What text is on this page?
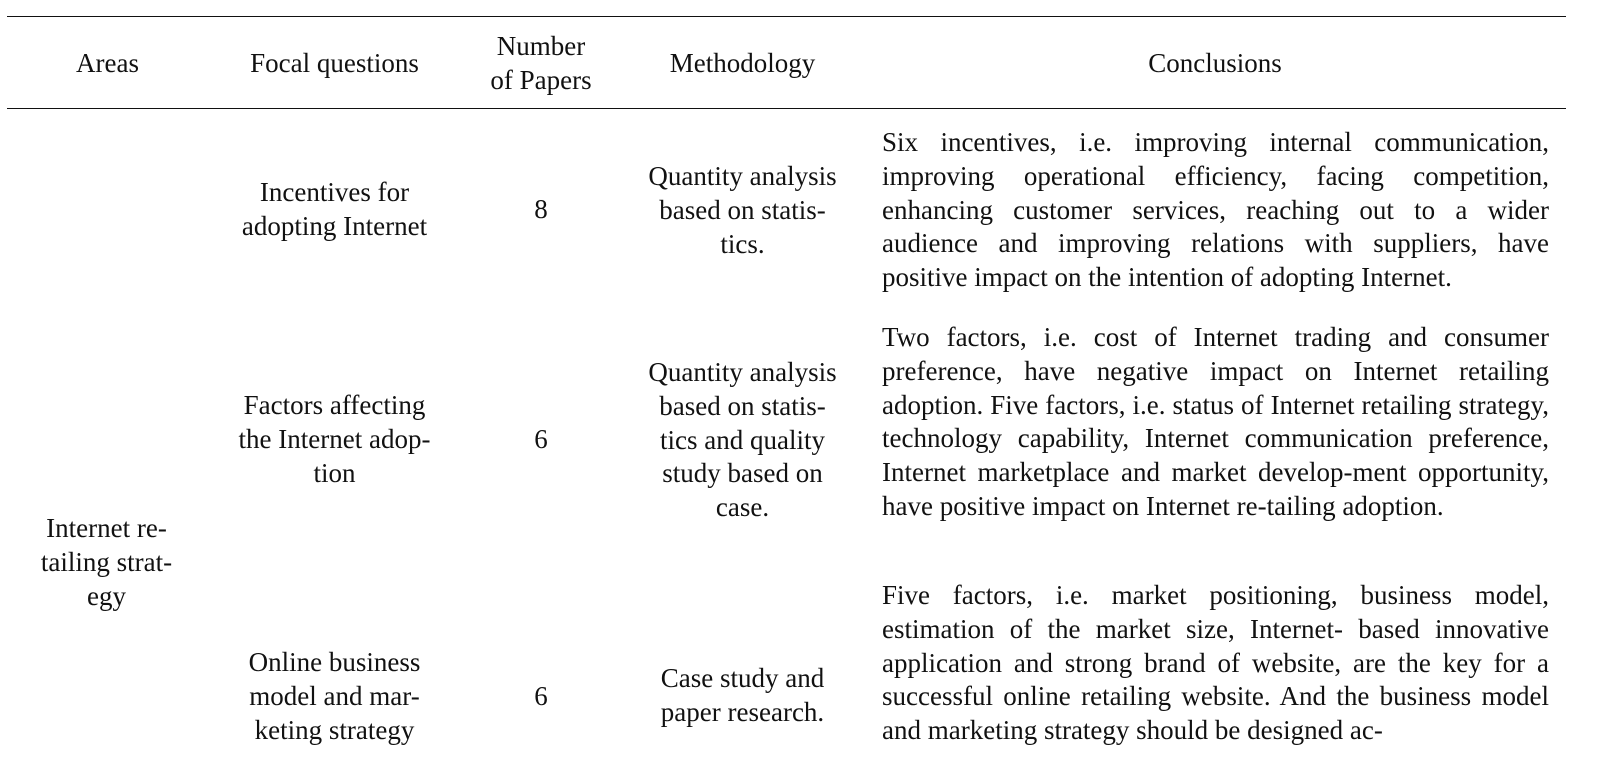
Areas	Focal questions
Number
of Papers
Methodology	Conclusions
Internet re-
tailing strat-
egy
Incentives for
adopting Internet
8
Quantity analysis
based on statis-
tics.
Six incentives, i.e. improving internal communication, improving operational efficiency, facing competition, enhancing customer services, reaching out to a wider audience and improving relations with suppliers, have positive impact on the intention of adopting Internet.
Factors affecting
the Internet adop-
tion
6
Quantity analysis
based on statis-
tics and quality
study based on
case.
Two factors, i.e. cost of Internet trading and consumer preference, have negative impact on Internet retailing adoption. Five factors, i.e. status of Internet retailing strategy, technology capability, Internet communication preference, Internet marketplace and market develop-ment opportunity, have positive impact on Internet re-tailing adoption.
Online business
model and mar-
keting strategy
6
Case study and
paper research.
Five factors, i.e. market positioning, business model, estimation of the market size, Internet- based innovative application and strong brand of website, are the key for a successful online retailing website. And the business model and marketing strategy should be designed ac-
